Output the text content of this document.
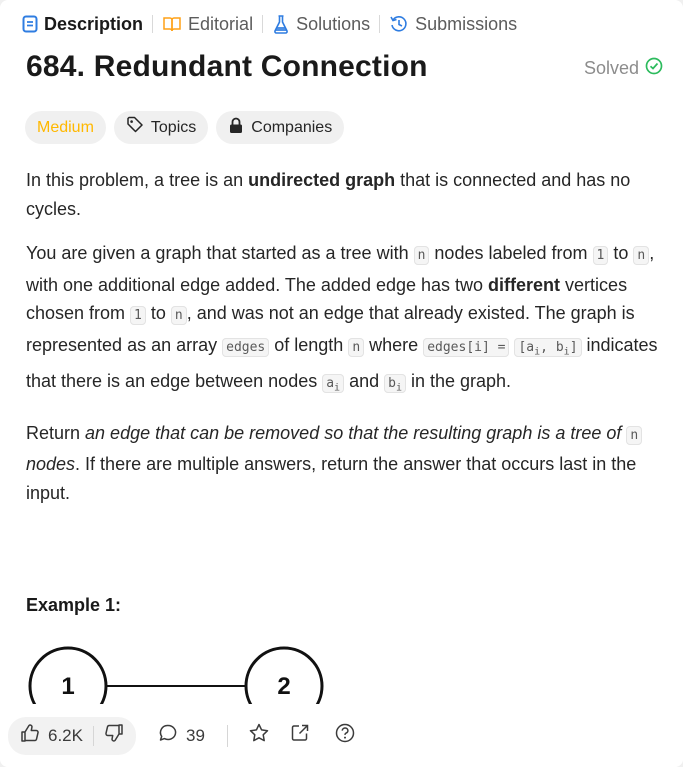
Description	Editorial Solutions	Submissions
684. Redundant Connection	Solved
Medium	Topics	Companies

In this problem, a tree is an undirected graph that is connected and has no cycles.

You are given a graph that started as a tree with n nodes labeled from 1 to n , with one additional edge added. The added edge has two different vertices chosen from 1 to n , and was not an edge that already existed. The graph is represented as an array edges of length n where edges[i] = [$a_i$, $b_i$] indicates that there is an edge between nodes $a_i$ and $b_i$ in the graph.

Return an edge that can be removed so that the resulting graph is a tree of n nodes. If there are multiple answers, return the answer that occurs last in the input.

Example 1:
1	2
6.2K	39
